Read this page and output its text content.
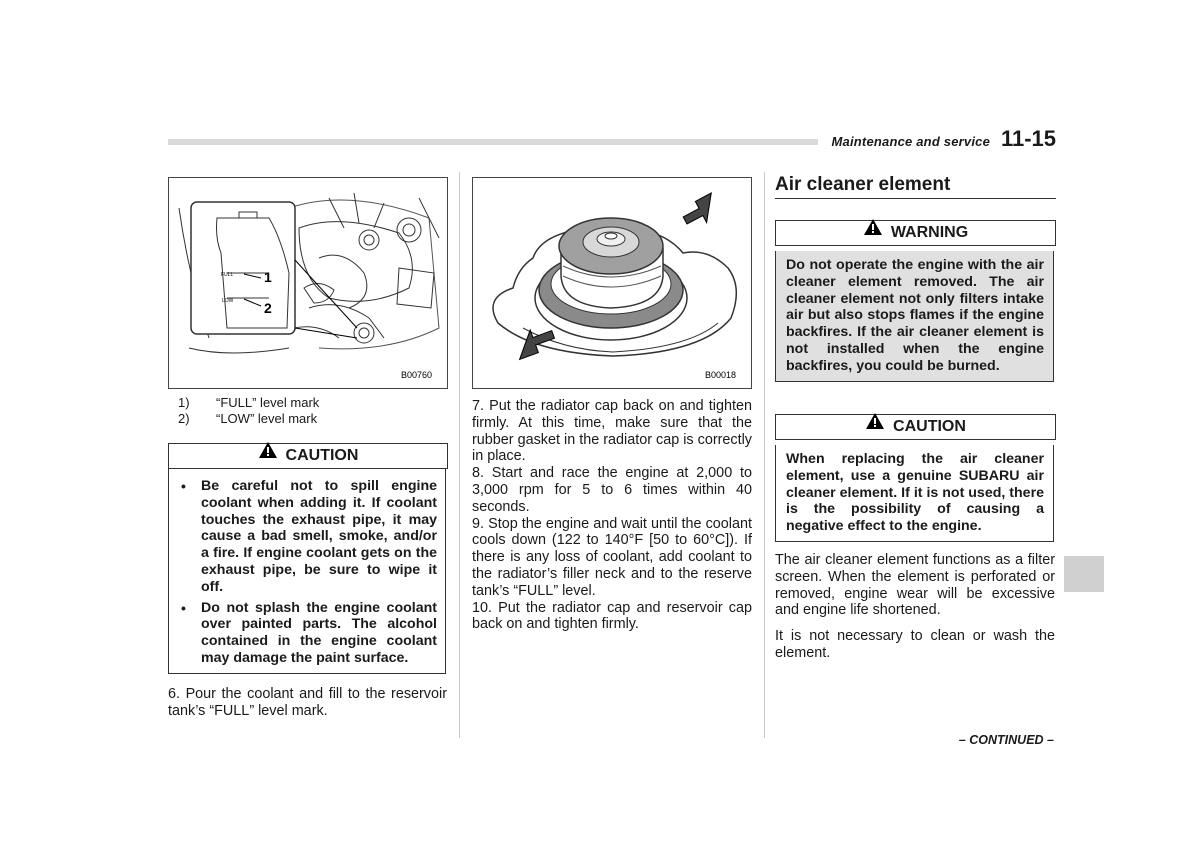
Maintenance and service 11-15
FULL
LOW
1
2
B00760
1) “FULL” level mark
2) “LOW” level mark
CAUTION
• Be careful not to spill engine coolant when adding it. If coolant touches the exhaust pipe, it may cause a bad smell, smoke, and/or a fire. If engine coolant gets on the exhaust pipe, be sure to wipe it off.
• Do not splash the engine coolant over painted parts. The alcohol contained in the engine coolant may damage the paint surface.
6. Pour the coolant and fill to the reservoir tank’s “FULL” level mark.
B00018

7. Put the radiator cap back on and tighten firmly. At this time, make sure that the rubber gasket in the radiator cap is correctly in place.

8. Start and race the engine at 2,000 to 3,000 rpm for 5 to 6 times within 40 seconds.

9. Stop the engine and wait until the coolant cools down (122 to 140°F [50 to 60°C]). If there is any loss of coolant, add coolant to the radiator’s filler neck and to the reserve tank’s “FULL” level.

10. Put the radiator cap and reservoir cap back on and tighten firmly.

Air cleaner element
WARNING
Do not operate the engine with the air cleaner element removed. The air cleaner element not only filters intake air but also stops flames if the engine backfires. If the air cleaner element is not installed when the engine backfires, you could be burned.
CAUTION
When replacing the air cleaner element, use a genuine SUBARU air cleaner element. If it is not used, there is the possibility of causing a negative effect to the engine.
The air cleaner element functions as a filter screen. When the element is perforated or removed, engine wear will be excessive and engine life shortened.
It is not necessary to clean or wash the element.
– CONTINUED –
